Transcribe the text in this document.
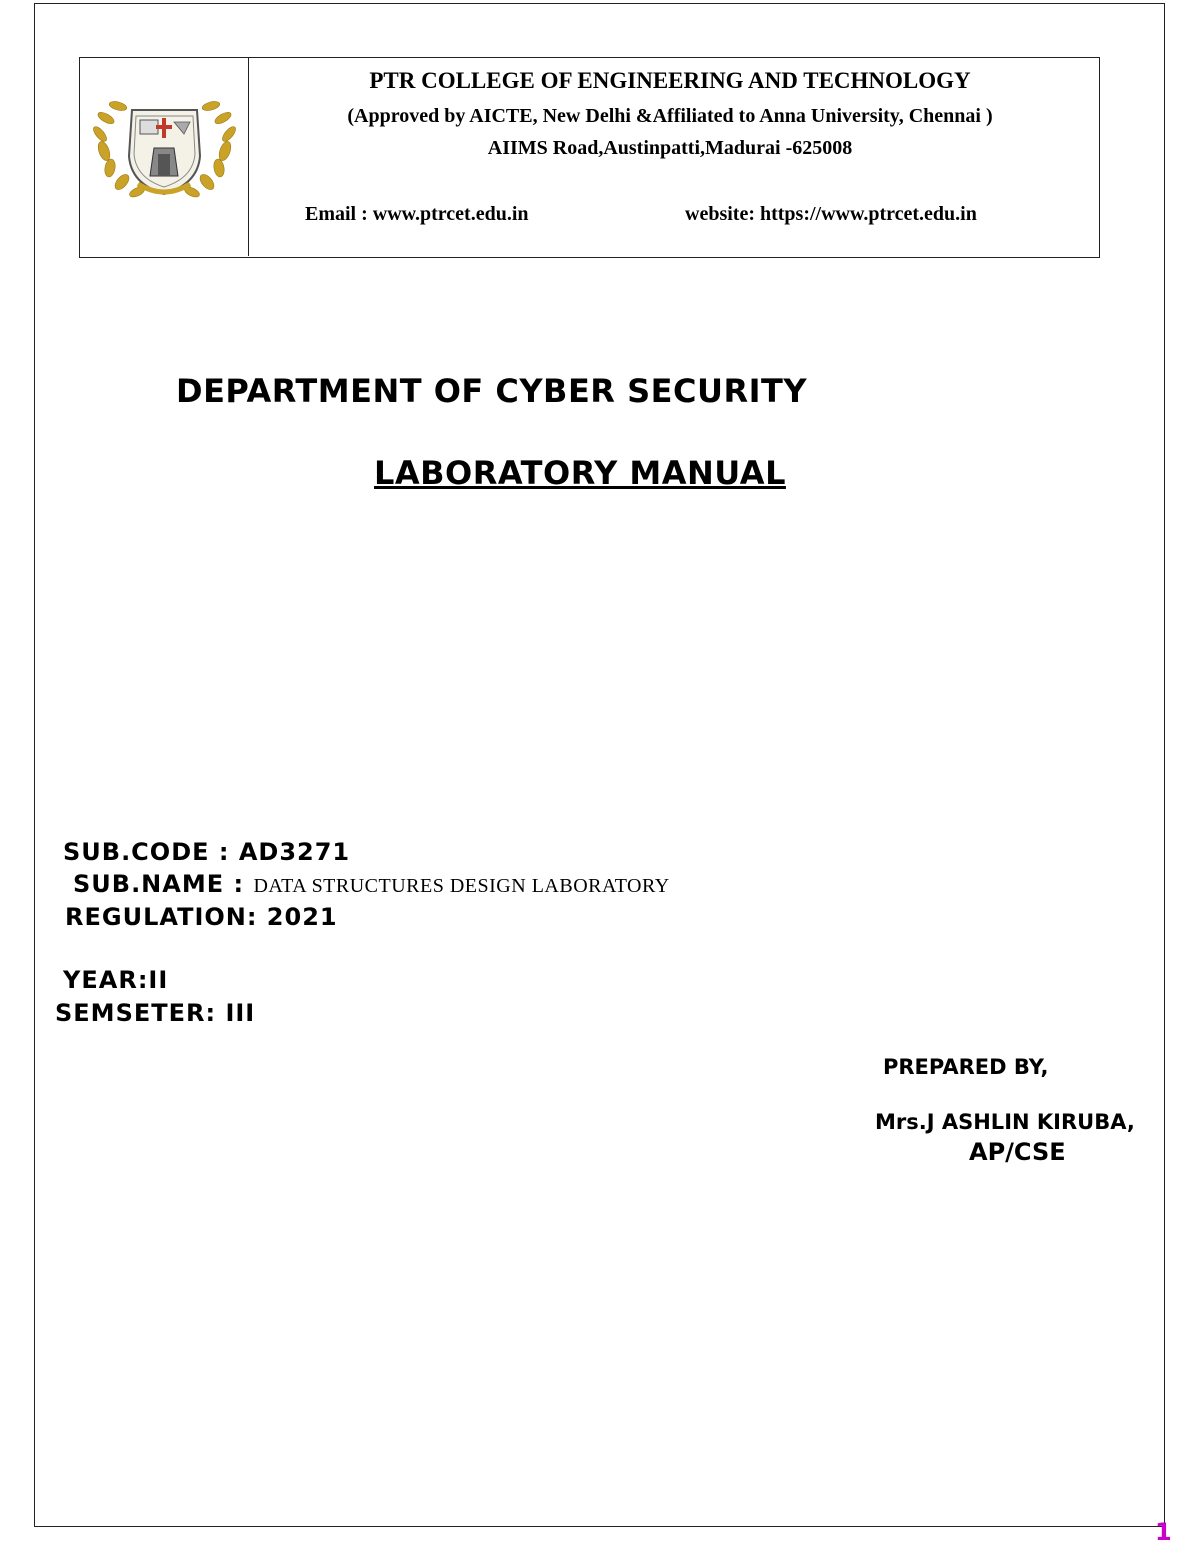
PTR COLLEGE OF ENGINEERING AND TECHNOLOGY
(Approved by AICTE, New Delhi &Affiliated to Anna University, Chennai )
AIIMS Road,Austinpatti,Madurai -625008
Email : www.ptrcet.edu.in	website: https://www.ptrcet.edu.in
DEPARTMENT OF CYBER SECURITY
LABORATORY MANUAL
SUB.CODE : AD3271
SUB.NAME : DATA STRUCTURES DESIGN LABORATORY
REGULATION: 2021
YEAR:II
SEMSETER: III
PREPARED BY,
Mrs.J ASHLIN KIRUBA,
AP/CSE
1
